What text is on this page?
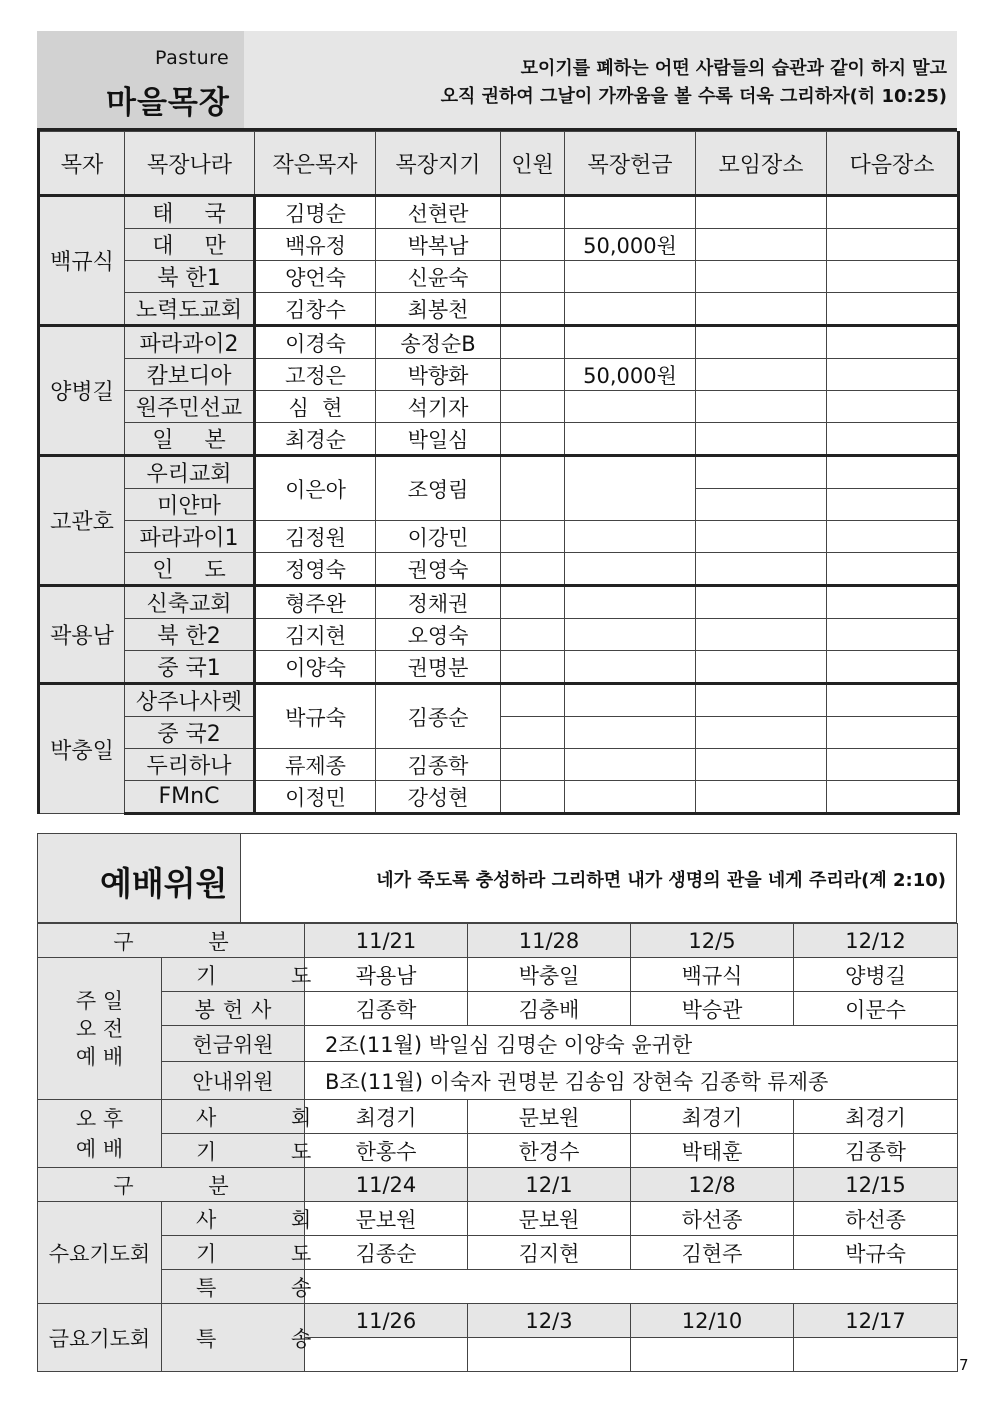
Pasture
마을목장
모이기를 폐하는 어떤 사람들의 습관과 같이 하지 말고
오직 권하여 그날이 가까움을 볼 수록 더욱 그리하자(히 10:25)
목자	목장나라	작은목자	목장지기	인원	목장헌금	모임장소	다음장소
백규식	태 국	김명순	선현란				
	대 만	백유정	박복남		50,000원		
	북 한1	양언숙	신윤숙				
	노력도교회	김창수	최봉천				
양병길	파라과이2	이경숙	송정순B				
	캄보디아	고정은	박향화		50,000원		
	원주민선교	심  현	석기자				
	일 본	최경순	박일심				
고관호	우리교회	이은아	조영림				
	미얀마						
	파라과이1	김정원	이강민				
	인 도	정영숙	권영숙				
곽용남	신축교회	형주완	정채권				
	북 한2	김지현	오영숙				
	중 국1	이양숙	권명분				
박충일	상주나사렛	박규숙	김종순				
	중 국2						
	두리하나	류제종	김종학				
	FMnC	이정민	강성현				
예배위원	네가 죽도록 충성하라 그리하면 내가 생명의 관을 네게 주리라(계 2:10)
구 분		11/21	11/28	12/5	12/12

주 일
오 전
예 배	기 도	곽용남	박충일	백규식	양병길
	봉헌사	김종학	김충배	박승관	이문수
	헌금위원	2조(11월) 박일심 김명순 이양숙 윤귀한			
	안내위원	B조(11월) 이숙자 권명분 김송임 장현숙 김종학 류제종			

오 후
예 배	사 회	최경기	문보원	최경기	최경기
	기 도	한홍수	한경수	박태훈	김종학
구 분		11/24	12/1	12/8	12/15
수요기도회	사 회	문보원	문보원	하선종	하선종
	기 도	김종순	김지현	김현주	박규숙
	특 송				
금요기도회	특 송	11/26	12/3	12/10	12/17

7
